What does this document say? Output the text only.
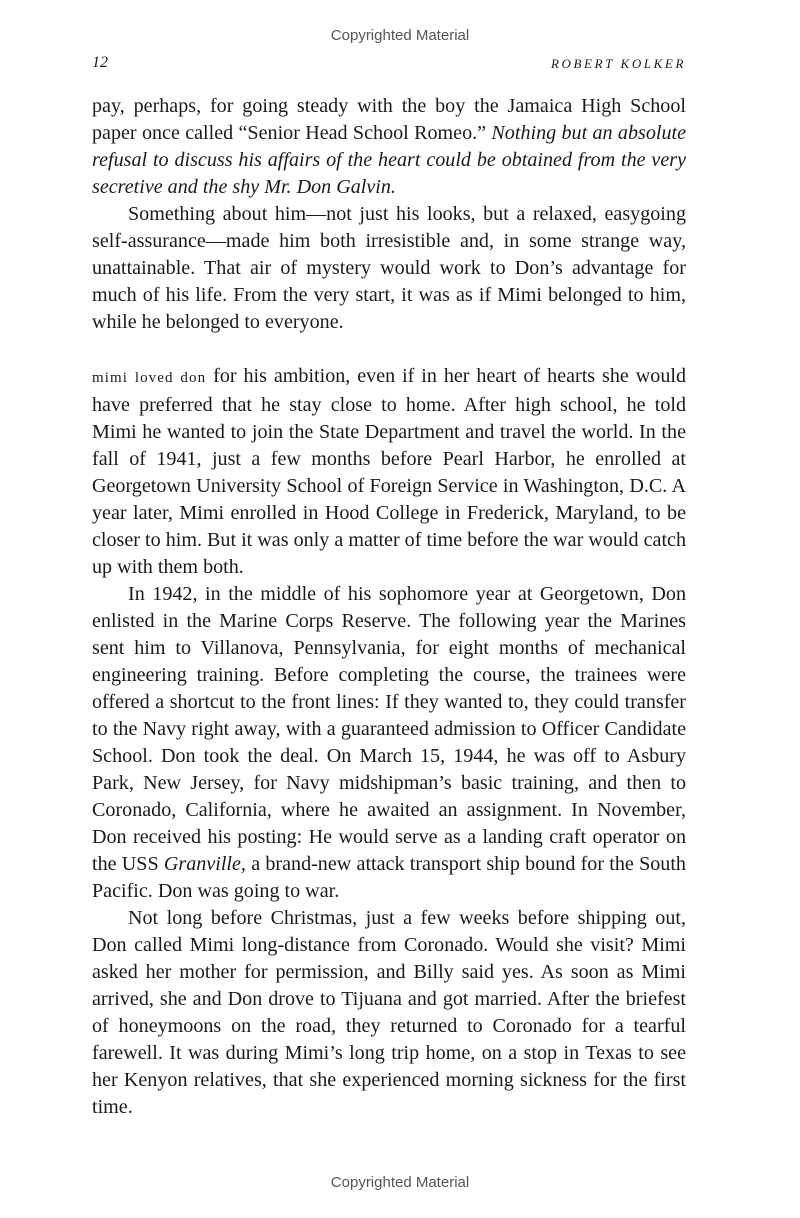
Copyrighted Material
12	ROBERT KOLKER

pay, perhaps, for going steady with the boy the Jamaica High School paper once called “Senior Head School Romeo.” Nothing but an absolute refusal to discuss his affairs of the heart could be obtained from the very secretive and the shy Mr. Don Galvin.

Something about him—not just his looks, but a relaxed, easygoing self-assurance—made him both irresistible and, in some strange way, unattainable. That air of mystery would work to Don’s advantage for much of his life. From the very start, it was as if Mimi belonged to him, while he belonged to everyone.

mimi loved don for his ambition, even if in her heart of hearts she would have preferred that he stay close to home. After high school, he told Mimi he wanted to join the State Department and travel the world. In the fall of 1941, just a few months before Pearl Harbor, he enrolled at Georgetown University School of Foreign Service in Washington, D.C. A year later, Mimi enrolled in Hood College in Frederick, Maryland, to be closer to him. But it was only a matter of time before the war would catch up with them both.

In 1942, in the middle of his sophomore year at Georgetown, Don enlisted in the Marine Corps Reserve. The following year the Marines sent him to Villanova, Pennsylvania, for eight months of mechanical engineering training. Before completing the course, the trainees were offered a shortcut to the front lines: If they wanted to, they could transfer to the Navy right away, with a guaranteed admission to Officer Candidate School. Don took the deal. On March 15, 1944, he was off to Asbury Park, New Jersey, for Navy midshipman’s basic training, and then to Coronado, California, where he awaited an assignment. In November, Don received his posting: He would serve as a landing craft operator on the USS Granville, a brand-new attack transport ship bound for the South Pacific. Don was going to war.

Not long before Christmas, just a few weeks before shipping out, Don called Mimi long-distance from Coronado. Would she visit? Mimi asked her mother for permission, and Billy said yes. As soon as Mimi arrived, she and Don drove to Tijuana and got married. After the briefest of honeymoons on the road, they returned to Coronado for a tearful farewell. It was during Mimi’s long trip home, on a stop in Texas to see her Kenyon relatives, that she experienced morning sickness for the first time.

Copyrighted Material
